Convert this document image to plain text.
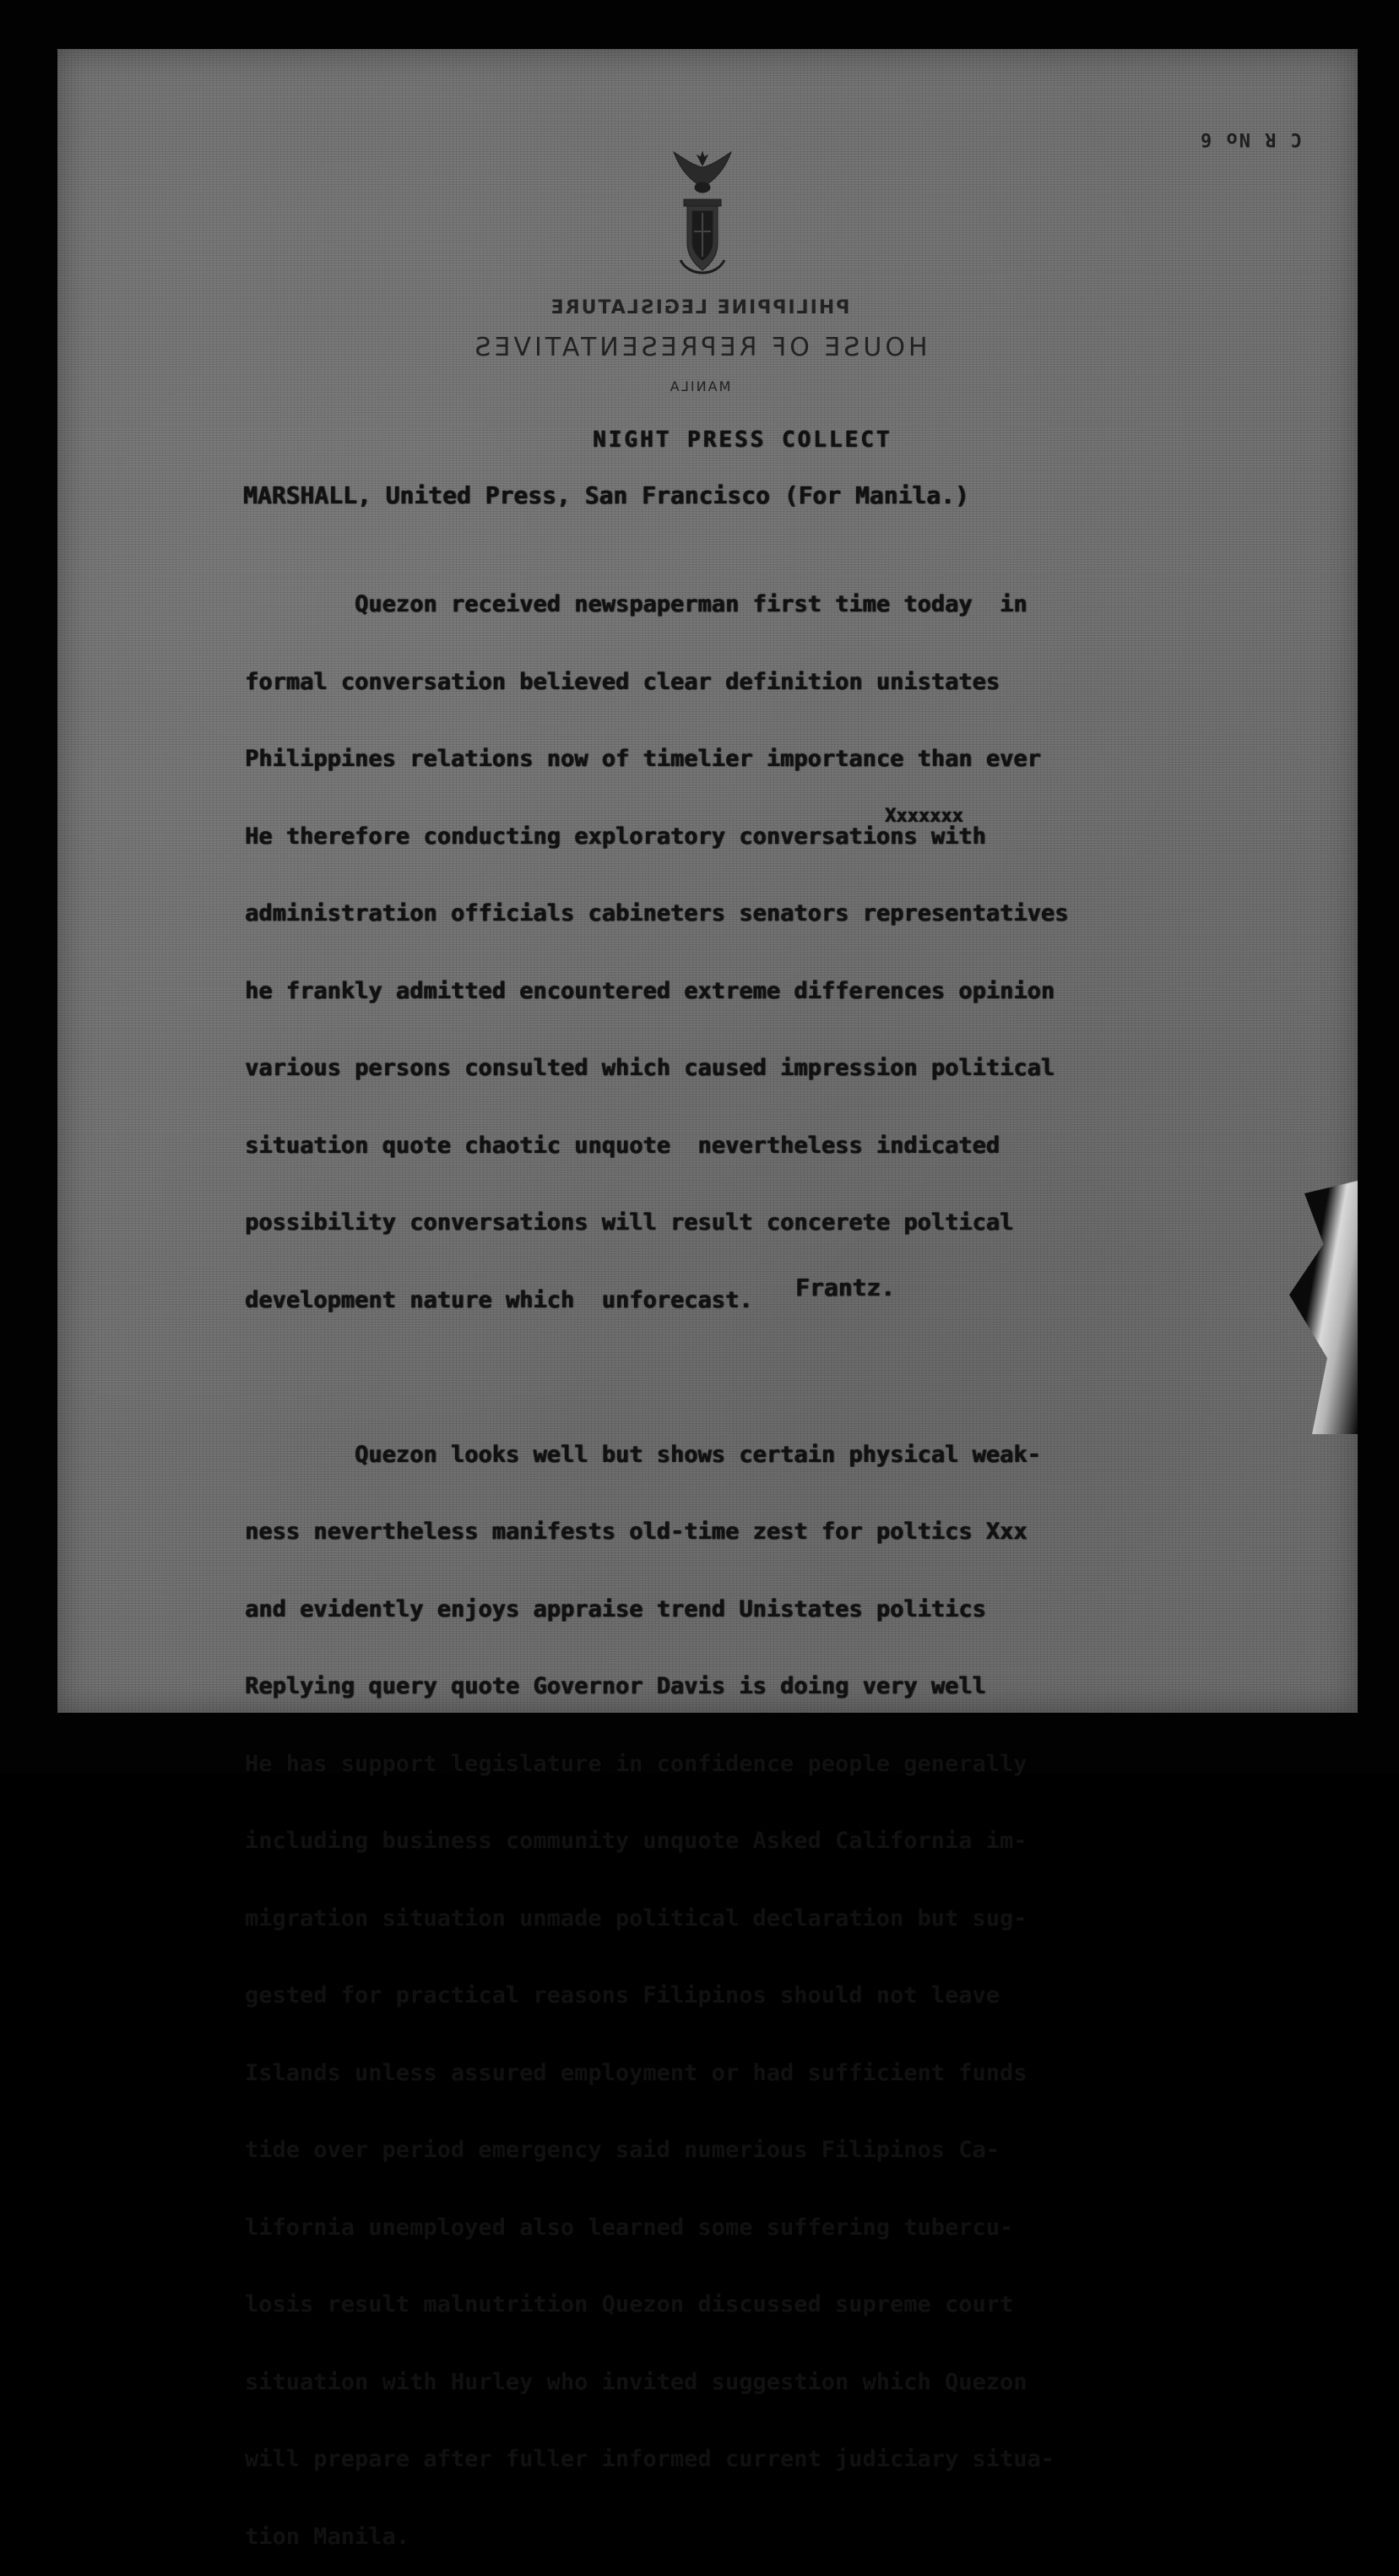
C R No 6
PHILIPPINE LEGISLATURE
HOUSE OF REPRESENTATIVES
MANILA
NIGHT PRESS COLLECT
MARSHALL, United Press, San Francisco (For Manila.)

Quezon received newspaperman first time today  in

formal conversation believed clear definition unistates

Philippines relations now of timelier importance than ever

He therefore conducting exploratory conversations with

administration officials cabineters senators representatives

he frankly admitted encountered extreme differences opinion

various persons consulted which caused impression political

situation quote chaotic unquote  nevertheless indicated

possibility conversations will result concerete poltical

development nature which  unforecast.

Quezon looks well but shows certain physical weak-

ness nevertheless manifests old-time zest for poltics Xxx

and evidently enjoys appraise trend Unistates politics

Replying query quote Governor Davis is doing very well

He has support legislature in confidence people generally

including business community unquote Asked California im-

migration situation unmade political declaration but sug-

gested for practical reasons Filipinos should not leave

Islands unless assured employment or had sufficient funds

tide over period emergency said numerious Filipinos Ca-

lifornia unemployed also learned some suffering tubercu-

losis result malnutrition Quezon discussed supreme court

situation with Hurley who invited suggestion which Quezon

will prepare after fuller informed current judiciary situa-

tion Manila.

Xxxxxxx
Frantz.
